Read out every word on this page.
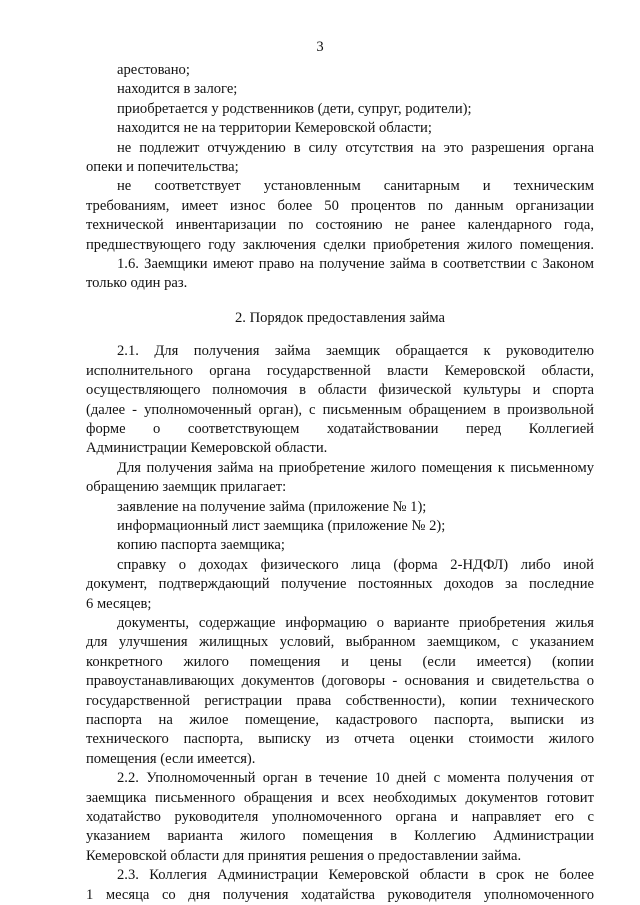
3
арестовано;
находится в залоге;
приобретается у родственников (дети, супруг, родители);
находится не на территории Кемеровской области;
не подлежит отчуждению в силу отсутствия на это разрешения органа
опеки и попечительства;
не соответствует установленным санитарным и техническим
требованиям, имеет износ более 50 процентов по данным организации
технической инвентаризации по состоянию не ранее календарного года,
предшествующего году заключения сделки приобретения жилого помещения.
1.6. Заемщики имеют право на получение займа в соответствии с Законом
только один раз.
2. Порядок предоставления займа
2.1. Для получения займа заемщик обращается к руководителю
исполнительного органа государственной власти Кемеровской области,
осуществляющего полномочия в области физической культуры и спорта
(далее - уполномоченный орган), с письменным обращением в произвольной
форме о соответствующем ходатайствовании перед Коллегией
Администрации Кемеровской области.
Для получения займа на приобретение жилого помещения к письменному
обращению заемщик прилагает:
заявление на получение займа (приложение № 1);
информационный лист заемщика (приложение № 2);
копию паспорта заемщика;
справку о доходах физического лица (форма 2-НДФЛ) либо иной
документ, подтверждающий получение постоянных доходов за последние
6 месяцев;
документы, содержащие информацию о варианте приобретения жилья
для улучшения жилищных условий, выбранном заемщиком, с указанием
конкретного жилого помещения и цены (если имеется) (копии
правоустанавливающих документов (договоры - основания и свидетельства о
государственной регистрации права собственности), копии технического
паспорта на жилое помещение, кадастрового паспорта, выписки из
технического паспорта, выписку из отчета оценки стоимости жилого
помещения (если имеется).
2.2. Уполномоченный орган в течение 10 дней с момента получения от
заемщика письменного обращения и всех необходимых документов готовит
ходатайство руководителя уполномоченного органа и направляет его с
указанием варианта жилого помещения в Коллегию Администрации
Кемеровской области для принятия решения о предоставлении займа.
2.3. Коллегия Администрации Кемеровской области в срок не более
1 месяца со дня получения ходатайства руководителя уполномоченного
